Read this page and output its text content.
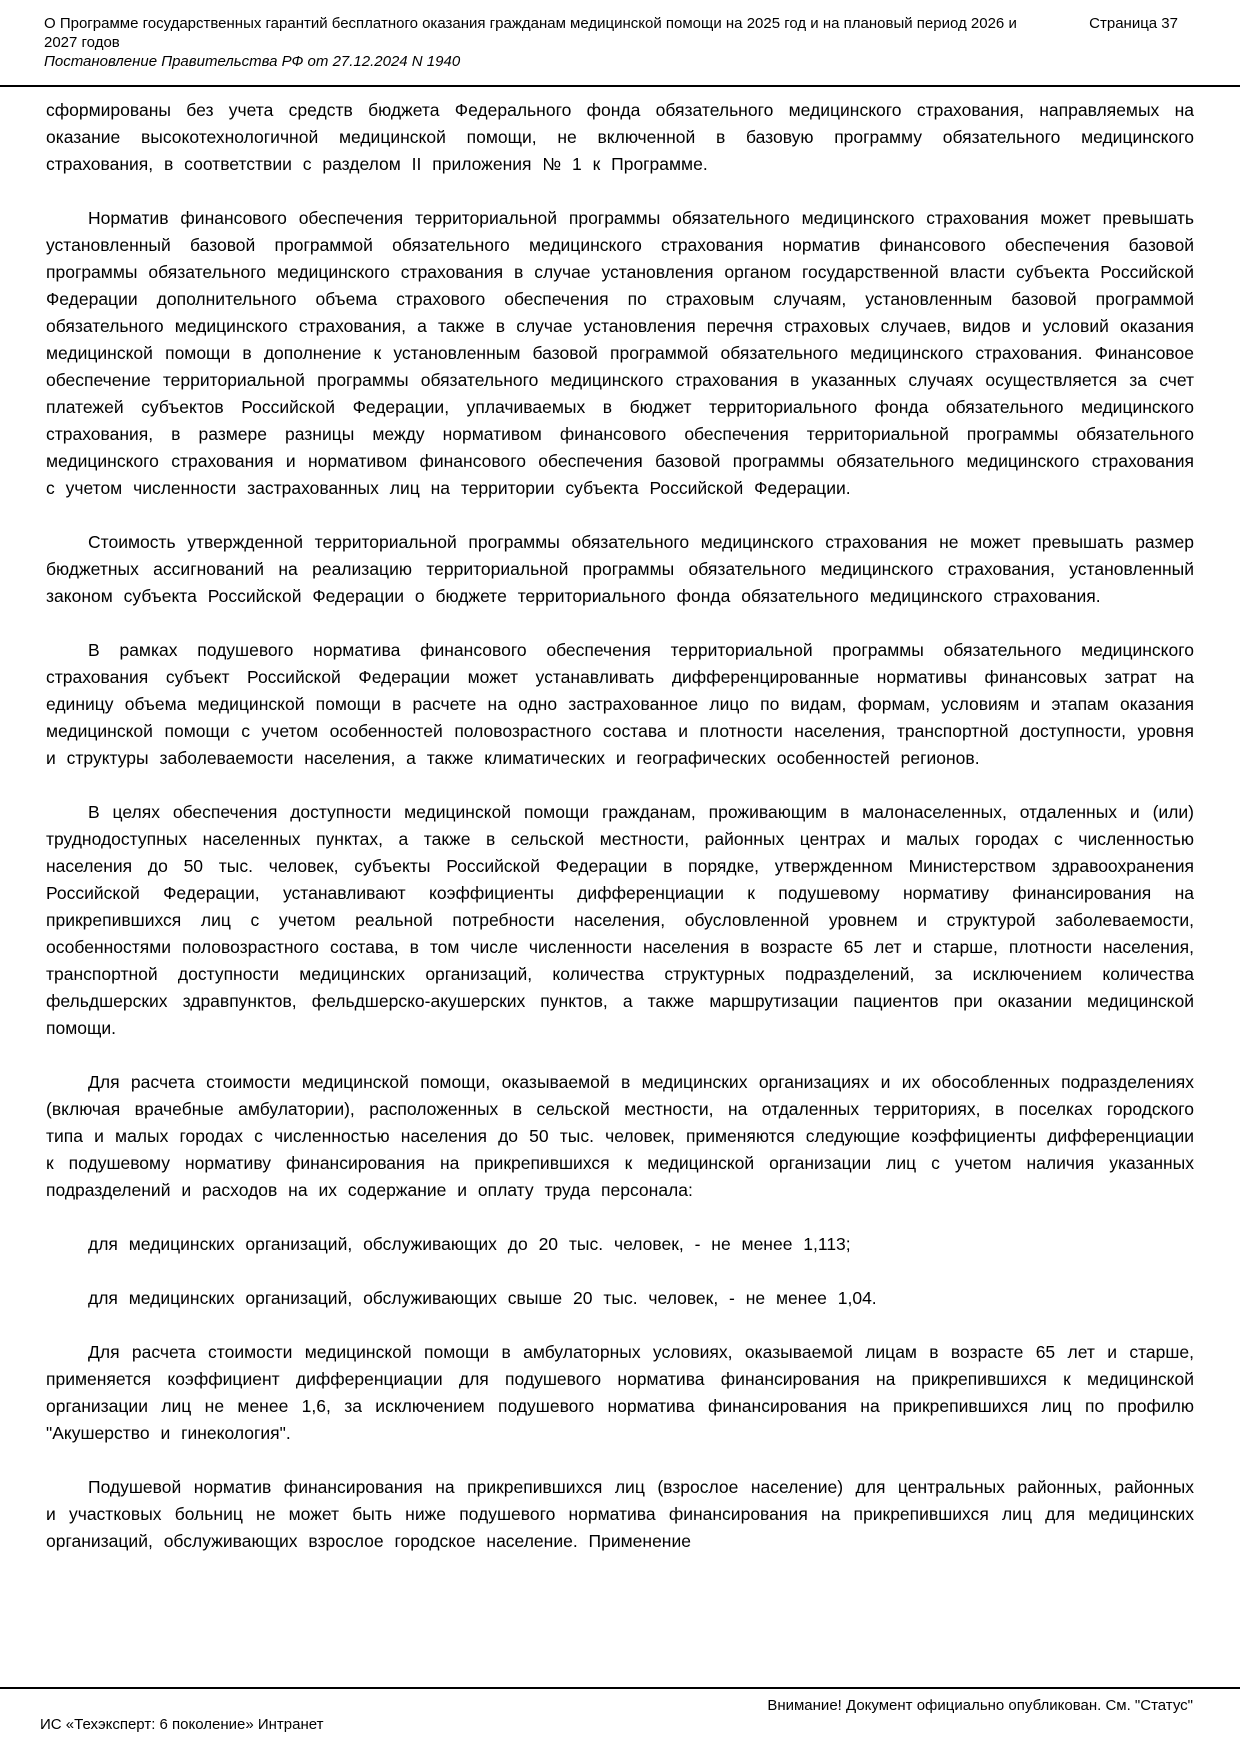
О Программе государственных гарантий бесплатного оказания гражданам медицинской помощи на 2025 год и на плановый период 2026 и 2027 годов
Страница 37
Постановление Правительства РФ от 27.12.2024 N 1940

сформированы без учета средств бюджета Федерального фонда обязательного медицинского страхования, направляемых на оказание высокотехнологичной медицинской помощи, не включенной в базовую программу обязательного медицинского страхования, в соответствии с разделом II приложения № 1 к Программе.

Норматив финансового обеспечения территориальной программы обязательного медицинского страхования может превышать установленный базовой программой обязательного медицинского страхования норматив финансового обеспечения базовой программы обязательного медицинского страхования в случае установления органом государственной власти субъекта Российской Федерации дополнительного объема страхового обеспечения по страховым случаям, установленным базовой программой обязательного медицинского страхования, а также в случае установления перечня страховых случаев, видов и условий оказания медицинской помощи в дополнение к установленным базовой программой обязательного медицинского страхования. Финансовое обеспечение территориальной программы обязательного медицинского страхования в указанных случаях осуществляется за счет платежей субъектов Российской Федерации, уплачиваемых в бюджет территориального фонда обязательного медицинского страхования, в размере разницы между нормативом финансового обеспечения территориальной программы обязательного медицинского страхования и нормативом финансового обеспечения базовой программы обязательного медицинского страхования с учетом численности застрахованных лиц на территории субъекта Российской Федерации.

Стоимость утвержденной территориальной программы обязательного медицинского страхования не может превышать размер бюджетных ассигнований на реализацию территориальной программы обязательного медицинского страхования, установленный законом субъекта Российской Федерации о бюджете территориального фонда обязательного медицинского страхования.

В рамках подушевого норматива финансового обеспечения территориальной программы обязательного медицинского страхования субъект Российской Федерации может устанавливать дифференцированные нормативы финансовых затрат на единицу объема медицинской помощи в расчете на одно застрахованное лицо по видам, формам, условиям и этапам оказания медицинской помощи с учетом особенностей половозрастного состава и плотности населения, транспортной доступности, уровня и структуры заболеваемости населения, а также климатических и географических особенностей регионов.

В целях обеспечения доступности медицинской помощи гражданам, проживающим в малонаселенных, отдаленных и (или) труднодоступных населенных пунктах, а также в сельской местности, районных центрах и малых городах с численностью населения до 50 тыс. человек, субъекты Российской Федерации в порядке, утвержденном Министерством здравоохранения Российской Федерации, устанавливают коэффициенты дифференциации к подушевому нормативу финансирования на прикрепившихся лиц с учетом реальной потребности населения, обусловленной уровнем и структурой заболеваемости, особенностями половозрастного состава, в том числе численности населения в возрасте 65 лет и старше, плотности населения, транспортной доступности медицинских организаций, количества структурных подразделений, за исключением количества фельдшерских здравпунктов, фельдшерско-акушерских пунктов, а также маршрутизации пациентов при оказании медицинской помощи.

Для расчета стоимости медицинской помощи, оказываемой в медицинских организациях и их обособленных подразделениях (включая врачебные амбулатории), расположенных в сельской местности, на отдаленных территориях, в поселках городского типа и малых городах с численностью населения до 50 тыс. человек, применяются следующие коэффициенты дифференциации к подушевому нормативу финансирования на прикрепившихся к медицинской организации лиц с учетом наличия указанных подразделений и расходов на их содержание и оплату труда персонала:

для медицинских организаций, обслуживающих до 20 тыс. человек, - не менее 1,113;

для медицинских организаций, обслуживающих свыше 20 тыс. человек, - не менее 1,04.

Для расчета стоимости медицинской помощи в амбулаторных условиях, оказываемой лицам в возрасте 65 лет и старше, применяется коэффициент дифференциации для подушевого норматива финансирования на прикрепившихся к медицинской организации лиц не менее 1,6, за исключением подушевого норматива финансирования на прикрепившихся лиц по профилю "Акушерство и гинекология".

Подушевой норматив финансирования на прикрепившихся лиц (взрослое население) для центральных районных, районных и участковых больниц не может быть ниже подушевого норматива финансирования на прикрепившихся лиц для медицинских организаций, обслуживающих взрослое городское население. Применение

Внимание! Документ официально опубликован. См. "Статус"
ИС «Техэксперт: 6 поколение» Интранет
